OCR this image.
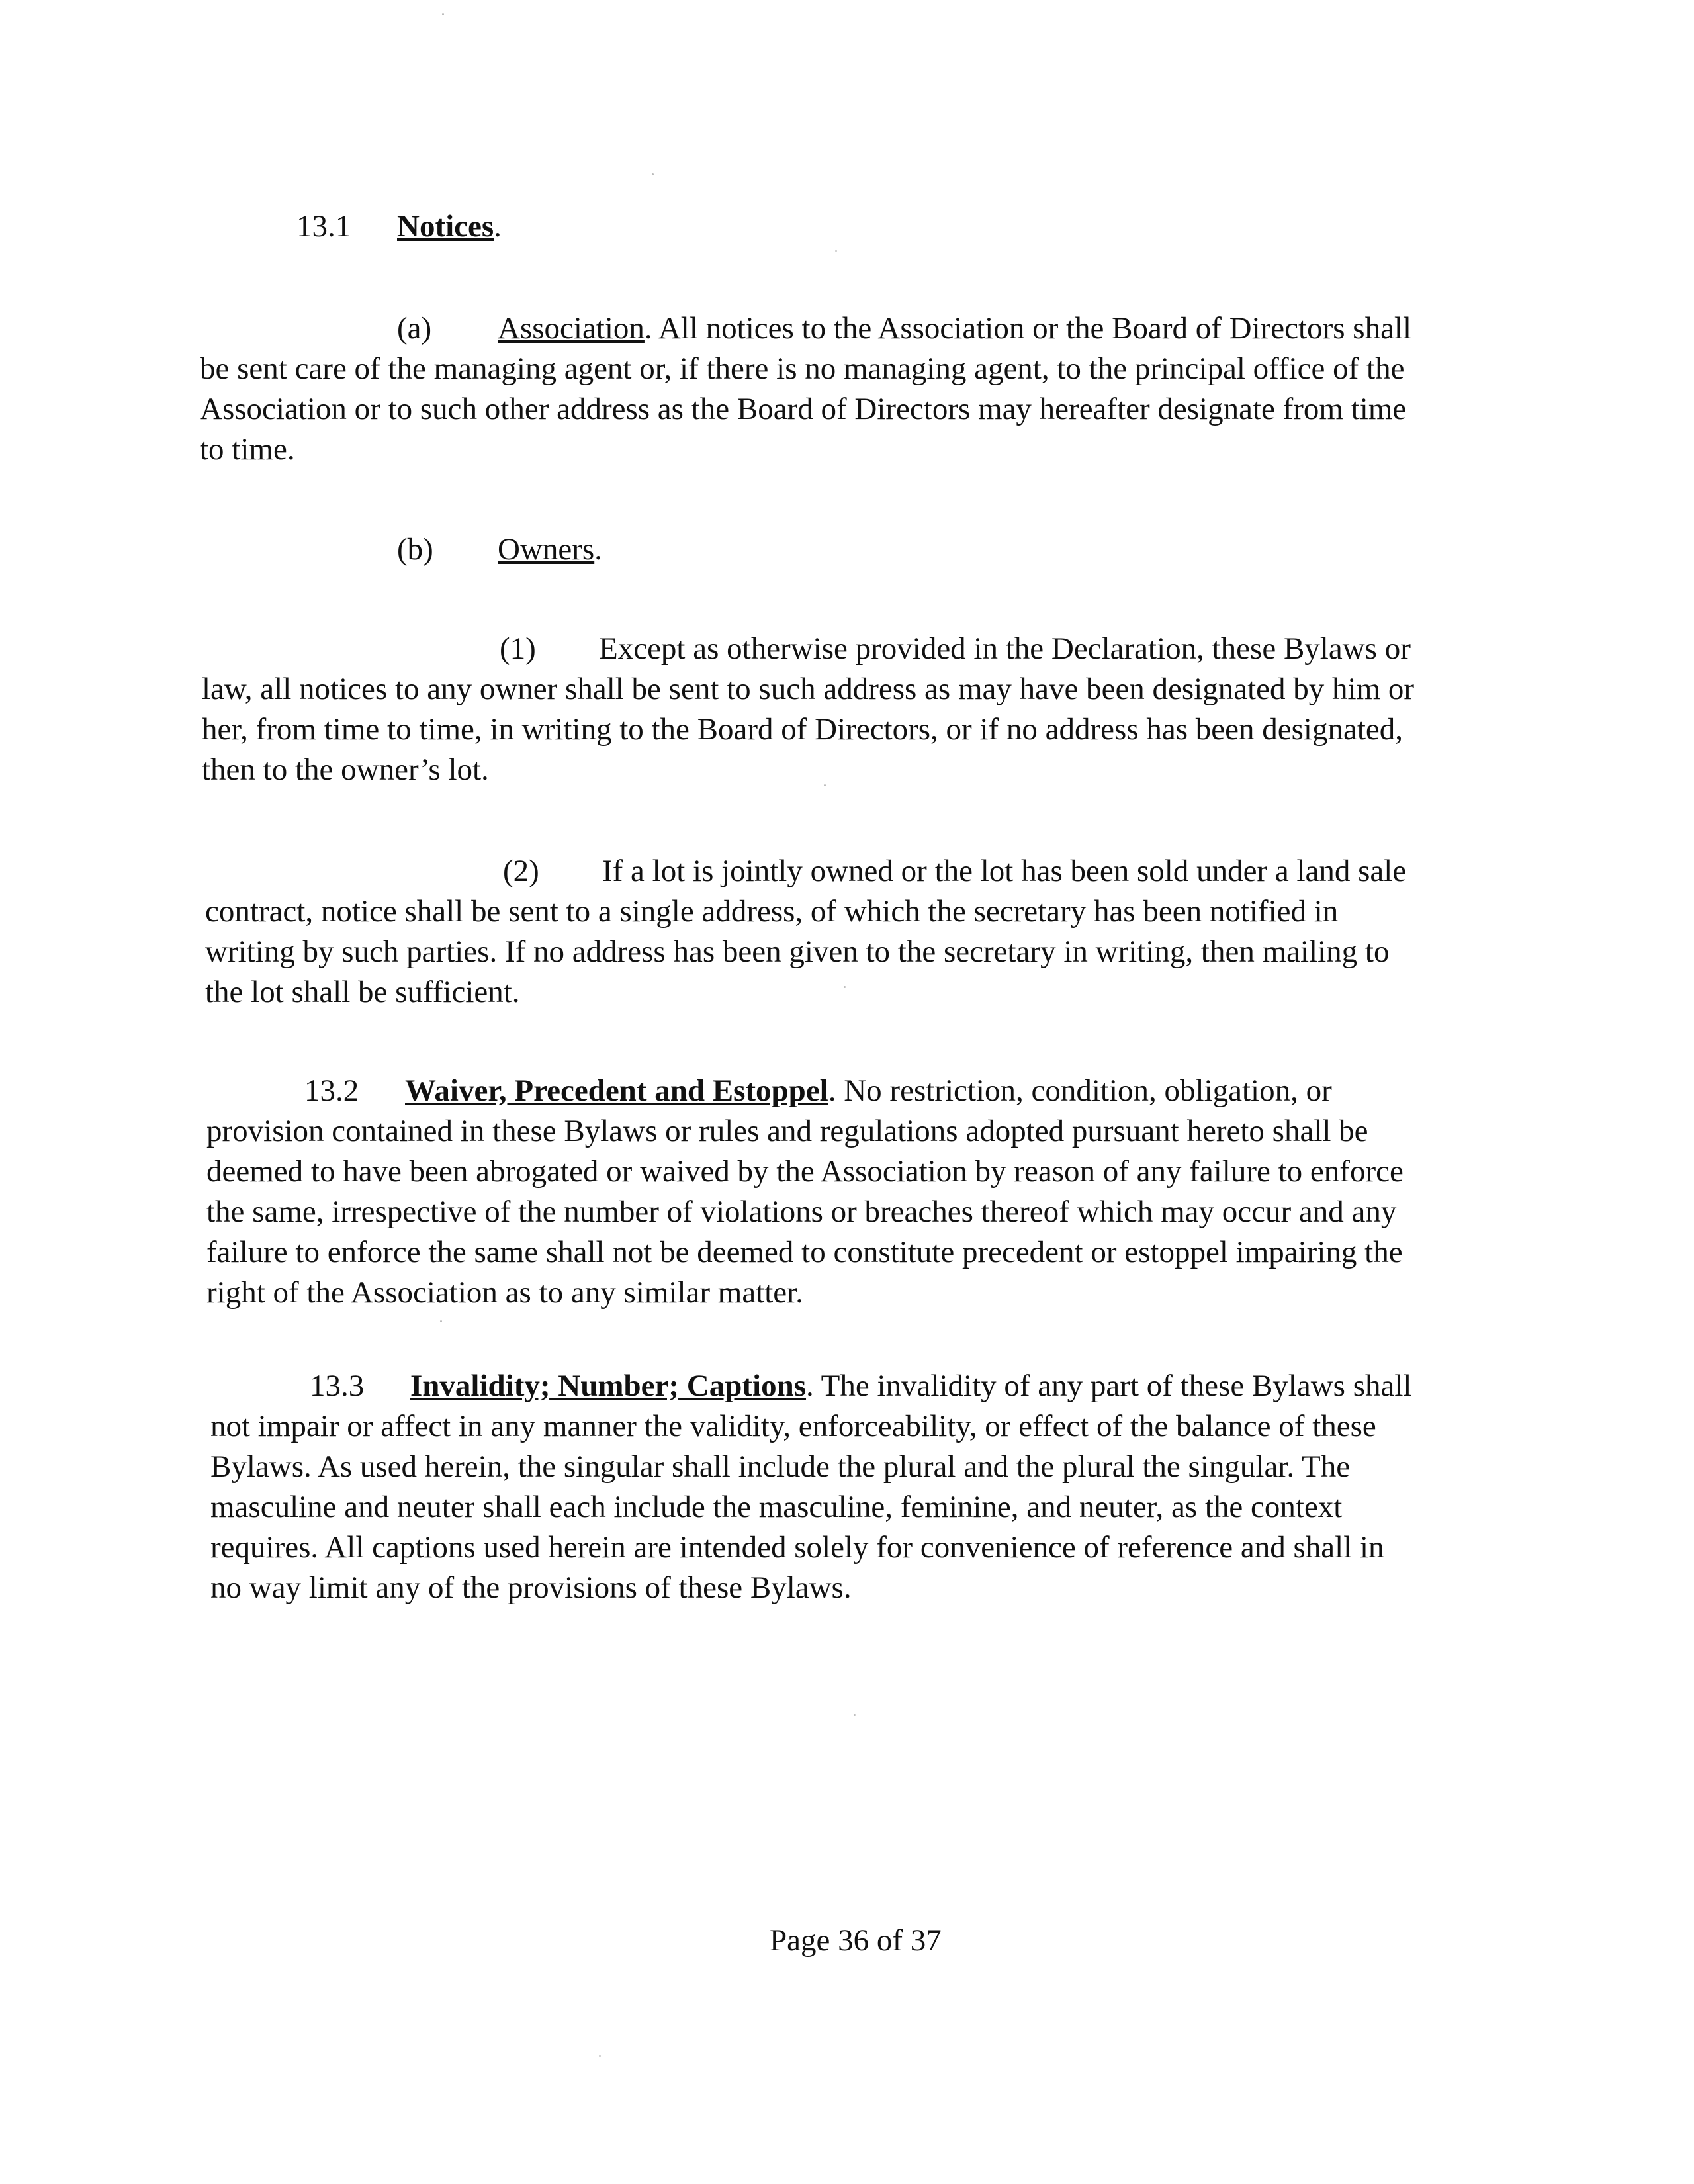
13.1 Notices.
(a) Association. All notices to the Association or the Board of Directors shall
be sent care of the managing agent or, if there is no managing agent, to the principal office of the
Association or to such other address as the Board of Directors may hereafter designate from time
to time.
(b) Owners.
(1) Except as otherwise provided in the Declaration, these Bylaws or
law, all notices to any owner shall be sent to such address as may have been designated by him or
her, from time to time, in writing to the Board of Directors, or if no address has been designated,
then to the owner’s lot.
(2) If a lot is jointly owned or the lot has been sold under a land sale
contract, notice shall be sent to a single address, of which the secretary has been notified in
writing by such parties. If no address has been given to the secretary in writing, then mailing to
the lot shall be sufficient.
13.2 Waiver, Precedent and Estoppel. No restriction, condition, obligation, or
provision contained in these Bylaws or rules and regulations adopted pursuant hereto shall be
deemed to have been abrogated or waived by the Association by reason of any failure to enforce
the same, irrespective of the number of violations or breaches thereof which may occur and any
failure to enforce the same shall not be deemed to constitute precedent or estoppel impairing the
right of the Association as to any similar matter.
13.3 Invalidity; Number; Captions. The invalidity of any part of these Bylaws shall
not impair or affect in any manner the validity, enforceability, or effect of the balance of these
Bylaws. As used herein, the singular shall include the plural and the plural the singular. The
masculine and neuter shall each include the masculine, feminine, and neuter, as the context
requires. All captions used herein are intended solely for convenience of reference and shall in
no way limit any of the provisions of these Bylaws.
Page 36 of 37
